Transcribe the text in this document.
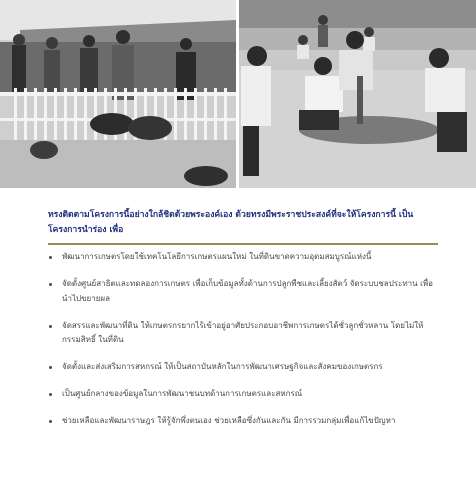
ทรงติดตามโครงการนี้อย่างใกล้ชิดด้วยพระองค์เอง ด้วยทรงมีพระราชประสงค์ที่จะให้โครงการนี้ เป็นโครงการนำร่อง เพื่อ
พัฒนาการเกษตรโดยใช้เทคโนโลยีการเกษตรแผนใหม่ ในที่ดินขาดความอุดมสมบูรณ์แห่งนี้
จัดตั้งศูนย์สาธิตและทดลองการเกษตร เพื่อเก็บข้อมูลทั้งด้านการปลูกพืชและเลี้ยงสัตว์ จัดระบบชลประทาน เพื่อนำไปขยายผล
จัดสรรและพัฒนาที่ดิน ให้เกษตรกรยากไร้เข้าอยู่อาศัยประกอบอาชีพการเกษตรได้ชั่วลูกชั่วหลาน โดยไม่ให้กรรมสิทธิ์ ในที่ดิน
จัดตั้งและส่งเสริมการสหกรณ์ ให้เป็นสถาบันหลักในการพัฒนาเศรษฐกิจและสังคมของเกษตรกร
เป็นศูนย์กลางของข้อมูลในการพัฒนาชนบทด้านการเกษตรและสหกรณ์
ช่วยเหลือและพัฒนาราษฎร ให้รู้จักพึ่งตนเอง ช่วยเหลือซึ่งกันและกัน มีการรวมกลุ่มเพื่อแก้ไขปัญหา
